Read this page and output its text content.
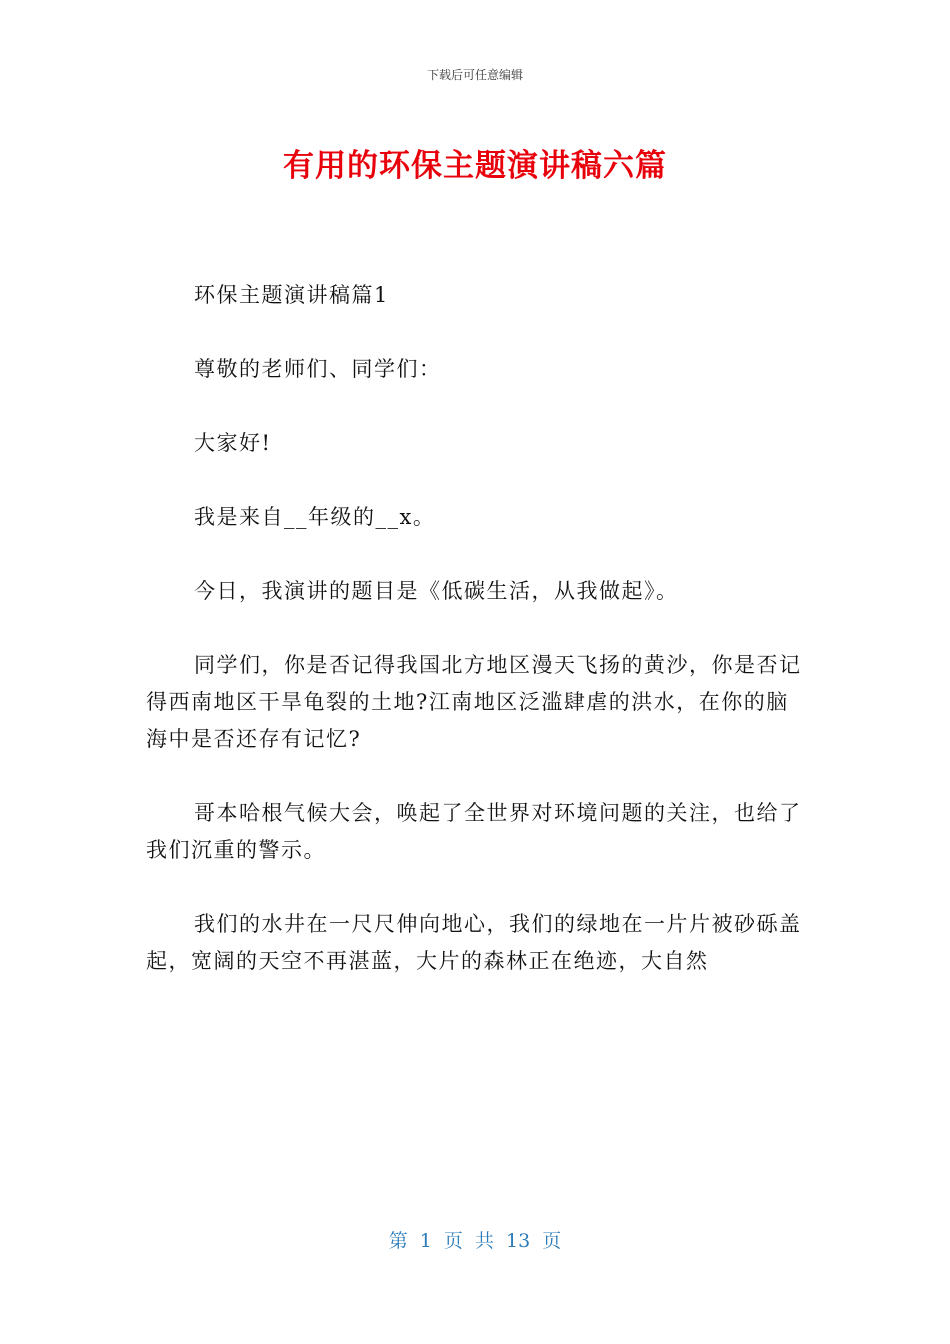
下载后可任意编辑
有用的环保主题演讲稿六篇

环保主题演讲稿篇1

尊敬的老师们、同学们：

大家好!

我是来自__年级的__x。

今日，我演讲的题目是《低碳生活，从我做起》。

同学们，你是否记得我国北方地区漫天飞扬的黄沙，你是否记得西南地区干旱龟裂的土地?江南地区泛滥肆虐的洪水，在你的脑海中是否还存有记忆?

哥本哈根气候大会，唤起了全世界对环境问题的关注，也给了我们沉重的警示。

我们的水井在一尺尺伸向地心，我们的绿地在一片片被砂砾盖起，宽阔的天空不再湛蓝，大片的森林正在绝迹，大自然

第 1 页 共 13 页
